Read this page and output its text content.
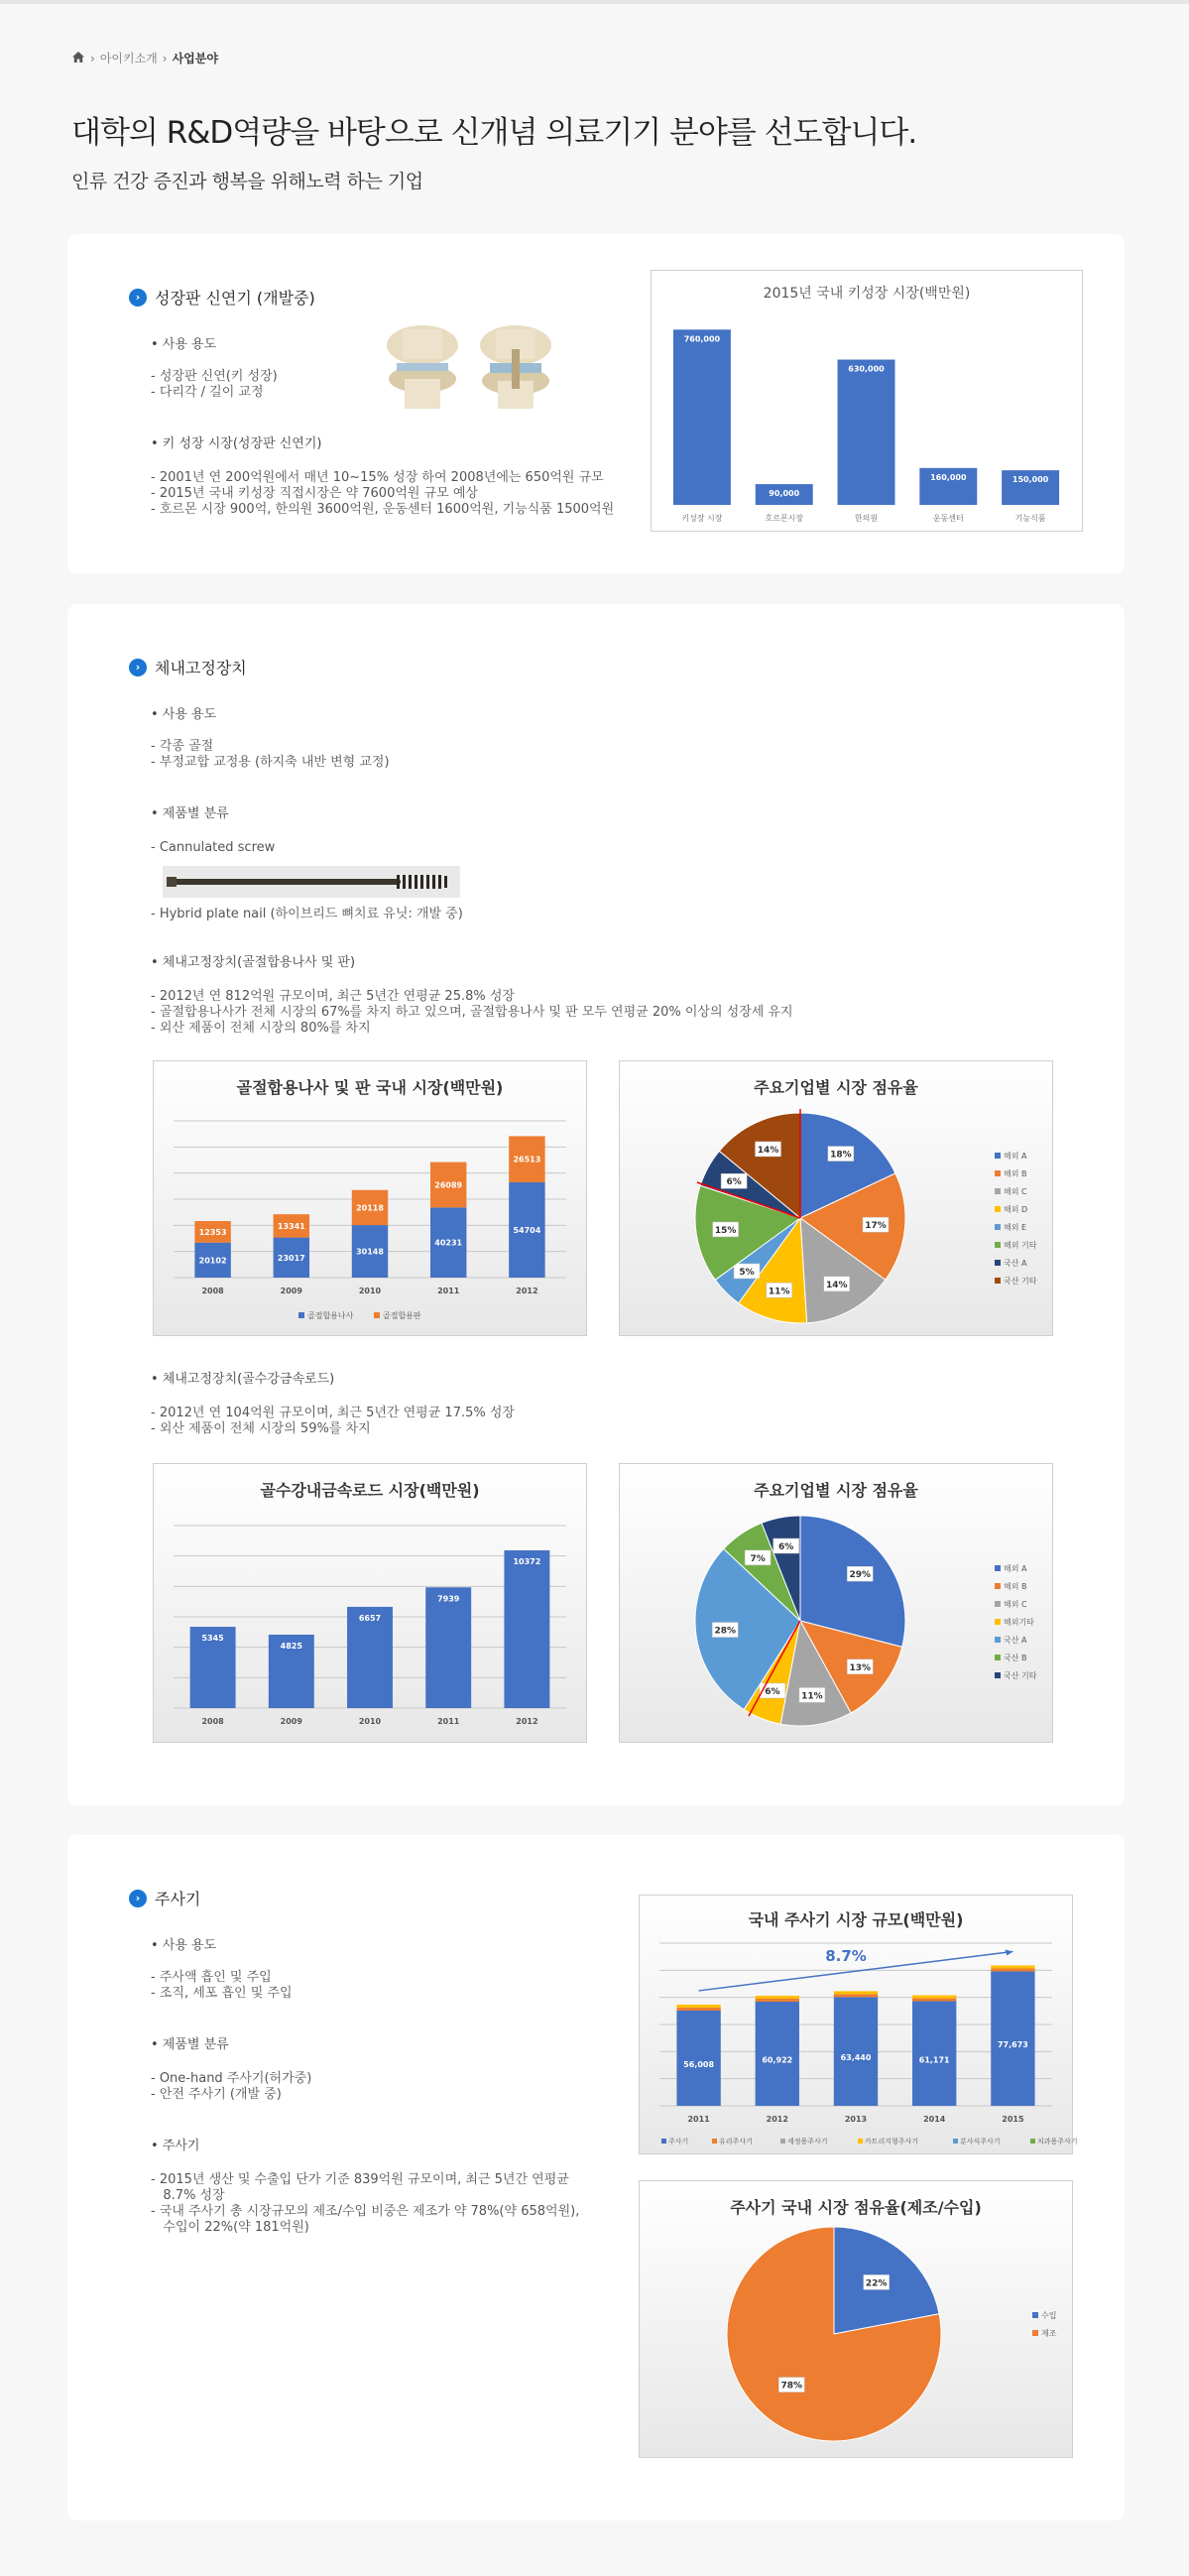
› 아이키소개 › 사업분야
대학의 R&D역량을 바탕으로 신개념 의료기기 분야를 선도합니다.
인류 건강 증진과 행복을 위해노력 하는 기업
› 성장판 신연기 (개발중)
• 사용 용도
- 성장판 신연(키 성장)
- 다리각 / 길이 교정
• 키 성장 시장(성장판 신연기)
- 2001년 연 200억원에서 매년 10~15% 성장 하여 2008년에는 650억원 규모
- 2015년 국내 키성장 직접시장은 약 7600억원 규모 예상
- 호르몬 시장 900억, 한의원 3600억원, 운동센터 1600억원, 기능식품 1500억원
2015년 국내 키성장 시장(백만원)
760,000
키성장 시장
90,000
호르몬시장
630,000
한의원
160,000
운동센터
150,000
기능식품
› 체내고정장치
• 사용 용도
- 각종 골절
- 부정교합 교정용 (하지축 내반 변형 교정)
• 제품별 분류
- Cannulated screw
- Hybrid plate nail (하이브리드 뼈치료 유닛: 개발 중)
• 체내고정장치(골절합용나사 및 판)
- 2012년 연 812억원 규모이며, 최근 5년간 연평균 25.8% 성장
- 골절합용나사가 전체 시장의 67%를 차지 하고 있으며, 골절합용나사 및 판 모두 연평균 20% 이상의 성장세 유지
- 외산 제품이 전체 시장의 80%를 차지
골절합용나사 및 판 국내 시장(백만원)
20102
12353
2008
23017
13341
2009
30148
20118
2010
40231
26089
2011
54704
26513
2012
골절합용나사	골절합용판
주요기업별 시장 점유율
18%
17%
14%
11%
5%
15%
6%
14%
해외 A
해외 B
해외 C
해외 D
해외 E
해외 기타
국산 A
국산 기타
• 체내고정장치(골수강금속로드)
- 2012년 연 104억원 규모이며, 최근 5년간 연평균 17.5% 성장
- 외산 제품이 전체 시장의 59%를 차지
골수강내금속로드 시장(백만원)
5345
2008
4825
2009
6657
2010
7939
2011
10372
2012
주요기업별 시장 점유율
29%
13%
11%
6%
28%
7%
6%
해외 A
해외 B
해외 C
해외기타
국산 A
국산 B
국산 기타
› 주사기
• 사용 용도
- 주사액 흡인 및 주입
- 조직, 세포 흡인 및 주입
• 제품별 분류
- One-hand 주사기(허가중)
- 안전 주사기 (개발 중)
• 주사기
- 2015년 생산 및 수출입 단가 기준 839억원 규모이며, 최근 5년간 연평균
8.7% 성장
- 국내 주사기 총 시장규모의 제조/수입 비중은 제조가 약 78%(약 658억원),
수입이 22%(약 181억원)
국내 주사기 시장 규모(백만원)
56,008
2011
60,922
2012
63,440
2013
61,171
2014
77,673
2015
8.7%
주사기	유리주사기	세정용주사기	카트리지형주사기	분사식주사기	치과용주사기
주사기 국내 시장 점유율(제조/수입)
22%
78%
수입
제조
